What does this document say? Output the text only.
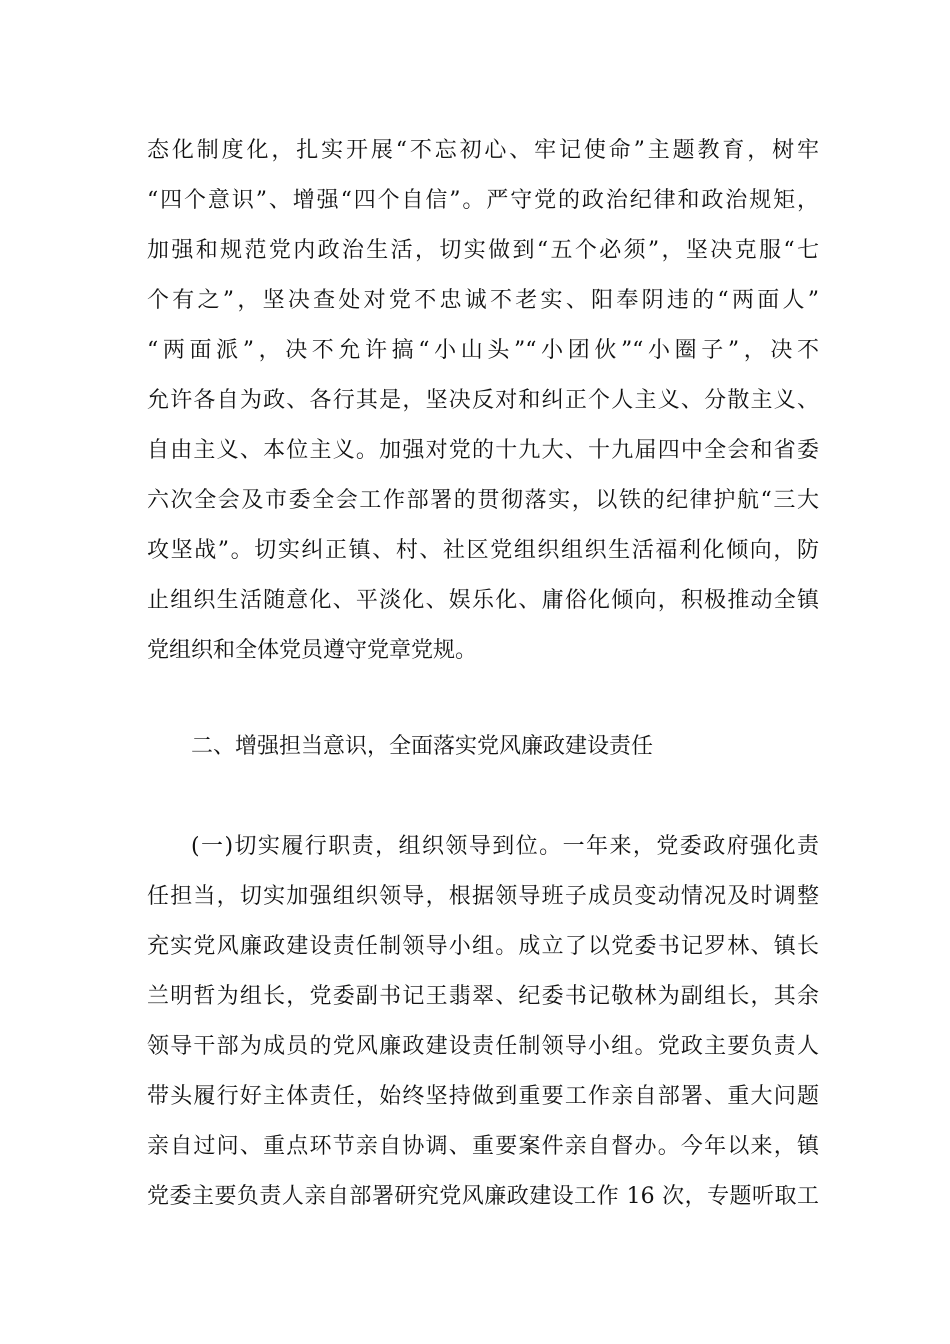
态化制度化，扎实开展“不忘初心、牢记使命”主题教育，树牢
“四个意识”、增强“四个自信”。严守党的政治纪律和政治规矩，
加强和规范党内政治生活，切实做到“五个必须”，坚决克服“七
个有之”，坚决查处对党不忠诚不老实、阳奉阴违的“两面人”
“两面派”，决不允许搞“小山头”“小团伙”“小圈子”，决不
允许各自为政、各行其是，坚决反对和纠正个人主义、分散主义、
自由主义、本位主义。加强对党的十九大、十九届四中全会和省委
六次全会及市委全会工作部署的贯彻落实，以铁的纪律护航“三大
攻坚战”。切实纠正镇、村、社区党组织组织生活福利化倾向，防
止组织生活随意化、平淡化、娱乐化、庸俗化倾向，积极推动全镇
党组织和全体党员遵守党章党规。
二、增强担当意识，全面落实党风廉政建设责任
(一)切实履行职责，组织领导到位。一年来，党委政府强化责
任担当，切实加强组织领导，根据领导班子成员变动情况及时调整
充实党风廉政建设责任制领导小组。成立了以党委书记罗林、镇长
兰明哲为组长，党委副书记王翡翠、纪委书记敬林为副组长，其余
领导干部为成员的党风廉政建设责任制领导小组。党政主要负责人
带头履行好主体责任，始终坚持做到重要工作亲自部署、重大问题
亲自过问、重点环节亲自协调、重要案件亲自督办。今年以来，镇
党委主要负责人亲自部署研究党风廉政建设工作 16 次，专题听取工
